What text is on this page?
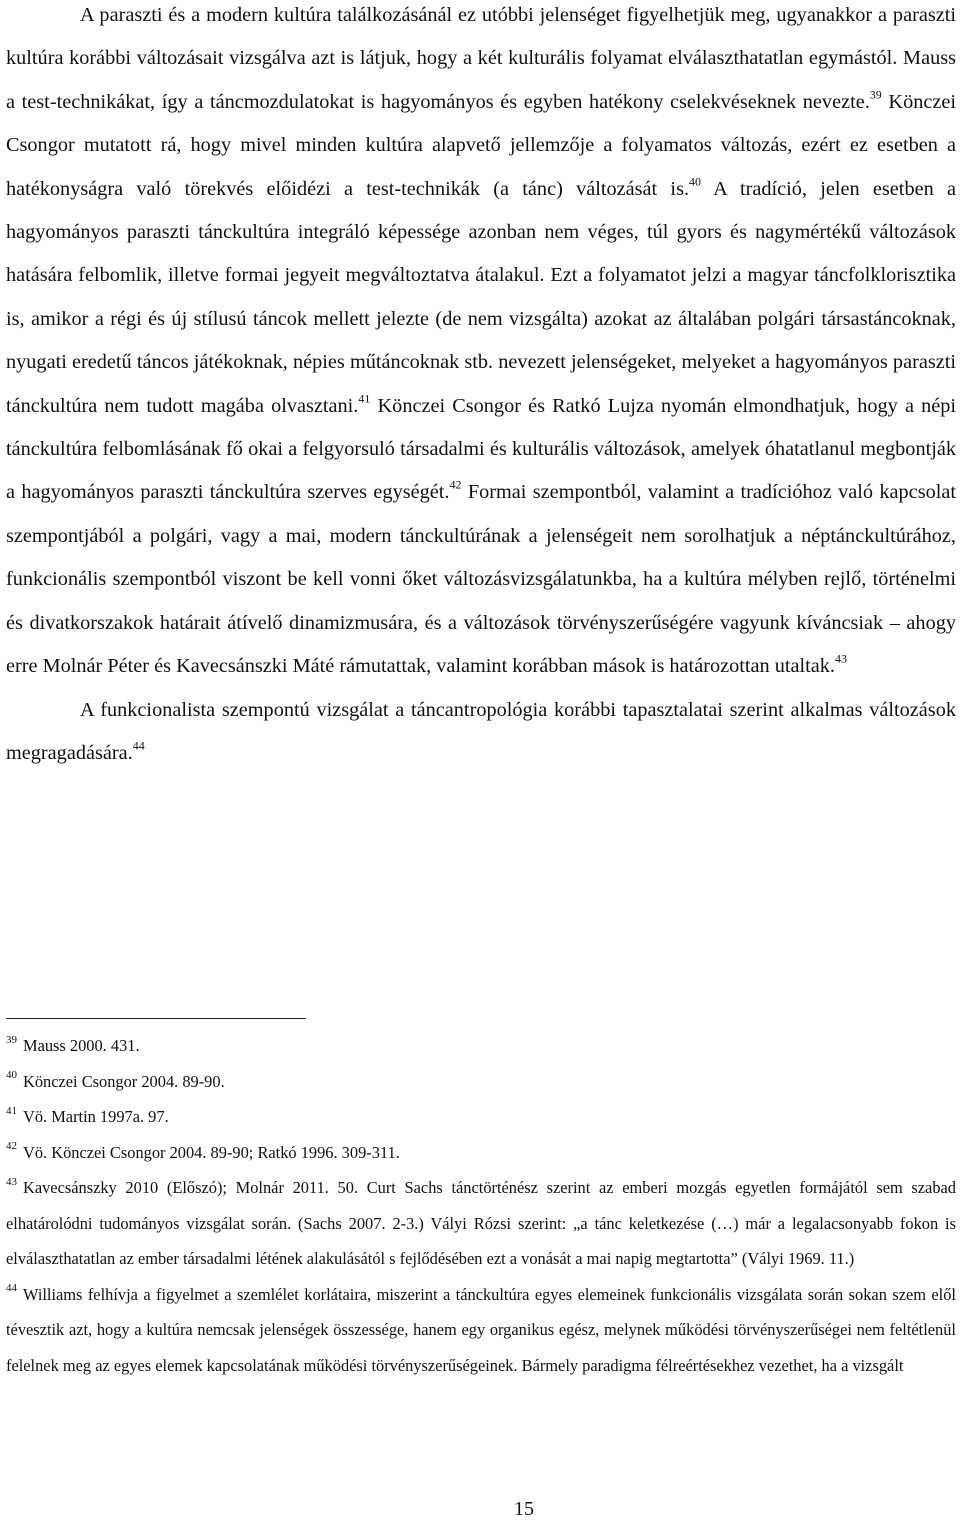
A paraszti és a modern kultúra találkozásánál ez utóbbi jelenséget figyelhetjük meg, ugyanakkor a paraszti kultúra korábbi változásait vizsgálva azt is látjuk, hogy a két kulturális folyamat elválaszthatatlan egymástól. Mauss a test-technikákat, így a táncmozdulatokat is hagyományos és egyben hatékony cselekvéseknek nevezte.$^{39}$ Könczei Csongor mutatott rá, hogy mivel minden kultúra alapvető jellemzője a folyamatos változás, ezért ez esetben a hatékonyságra való törekvés előidézi a test-technikák (a tánc) változását is.$^{40}$ A tradíció, jelen esetben a hagyományos paraszti tánckultúra integráló képessége azonban nem véges, túl gyors és nagymértékű változások hatására felbomlik, illetve formai jegyeit megváltoztatva átalakul. Ezt a folyamatot jelzi a magyar táncfolklorisztika is, amikor a régi és új stílusú táncok mellett jelezte (de nem vizsgálta) azokat az általában polgári társastáncoknak, nyugati eredetű táncos játékoknak, népies műtáncoknak stb. nevezett jelenségeket, melyeket a hagyományos paraszti tánckultúra nem tudott magába olvasztani.$^{41}$ Könczei Csongor és Ratkó Lujza nyomán elmondhatjuk, hogy a népi tánckultúra felbomlásának fő okai a felgyorsuló társadalmi és kulturális változások, amelyek óhatatlanul megbontják a hagyományos paraszti tánckultúra szerves egységét.$^{42}$ Formai szempontból, valamint a tradícióhoz való kapcsolat szempontjából a polgári, vagy a mai, modern tánckultúrának a jelenségeit nem sorolhatjuk a néptánckultúrához, funkcionális szempontból viszont be kell vonni őket változásvizsgálatunkba, ha a kultúra mélyben rejlő, történelmi és divatkorszakok határait átívelő dinamizmusára, és a változások törvényszerűségére vagyunk kíváncsiak – ahogy erre Molnár Péter és Kavecsánszki Máté rámutattak, valamint korábban mások is határozottan utaltak.$^{43}$

A funkcionalista szempontú vizsgálat a táncantropológia korábbi tapasztalatai szerint alkalmas változások megragadására.$^{44}$

$^{39}$ Mauss 2000. 431.

$^{40}$ Könczei Csongor 2004. 89-90.

$^{41}$ Vö. Martin 1997a. 97.

$^{42}$ Vö. Könczei Csongor 2004. 89-90; Ratkó 1996. 309-311.

$^{43}$ Kavecsánszky 2010 (Előszó); Molnár 2011. 50. Curt Sachs tánctörténész szerint az emberi mozgás egyetlen formájától sem szabad elhatárolódni tudományos vizsgálat során. (Sachs 2007. 2-3.) Vályi Rózsi szerint: „a tánc keletkezése (…) már a legalacsonyabb fokon is elválaszthatatlan az ember társadalmi létének alakulásától s fejlődésében ezt a vonását a mai napig megtartotta” (Vályi 1969. 11.)

$^{44}$ Williams felhívja a figyelmet a szemlélet korlátaira, miszerint a tánckultúra egyes elemeinek funkcionális vizsgálata során sokan szem elől tévesztik azt, hogy a kultúra nemcsak jelenségek összessége, hanem egy organikus egész, melynek működési törvényszerűségei nem feltétlenül felelnek meg az egyes elemek kapcsolatának működési törvényszerűségeinek. Bármely paradigma félreértésekhez vezethet, ha a vizsgált

15
